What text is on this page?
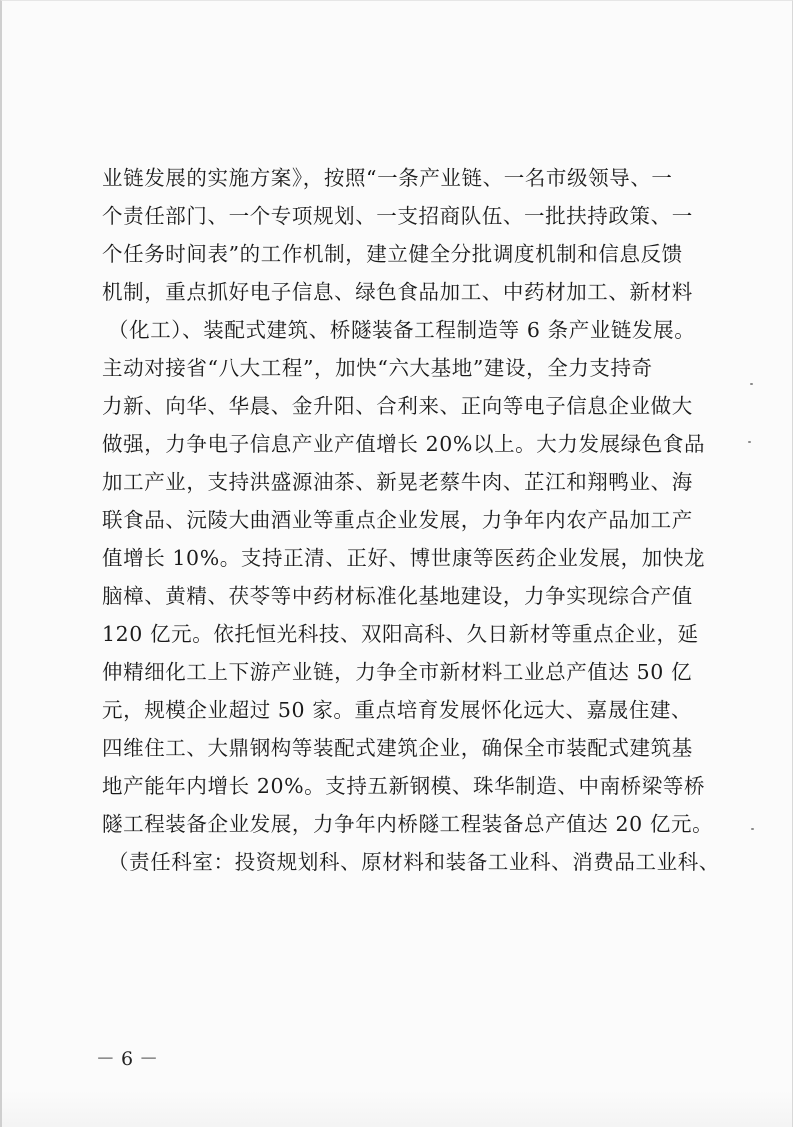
业链发展的实施方案》，按照“一条产业链、一名市级领导、一
个责任部门、一个专项规划、一支招商队伍、一批扶持政策、一
个任务时间表”的工作机制，建立健全分批调度机制和信息反馈
机制，重点抓好电子信息、绿色食品加工、中药材加工、新材料
（化工）、装配式建筑、桥隧装备工程制造等 6 条产业链发展。
主动对接省“八大工程”，加快“六大基地”建设，全力支持奇
力新、向华、华晨、金升阳、合利来、正向等电子信息企业做大
做强，力争电子信息产业产值增长 20%以上。大力发展绿色食品
加工产业，支持洪盛源油茶、新晃老蔡牛肉、芷江和翔鸭业、海
联食品、沅陵大曲酒业等重点企业发展，力争年内农产品加工产
值增长 10%。支持正清、正好、博世康等医药企业发展，加快龙
脑樟、黄精、茯苓等中药材标准化基地建设，力争实现综合产值
120 亿元。依托恒光科技、双阳高科、久日新材等重点企业，延
伸精细化工上下游产业链，力争全市新材料工业总产值达 50 亿
元，规模企业超过 50 家。重点培育发展怀化远大、嘉晟住建、
四维住工、大鼎钢构等装配式建筑企业，确保全市装配式建筑基
地产能年内增长 20%。支持五新钢模、珠华制造、中南桥梁等桥
隧工程装备企业发展，力争年内桥隧工程装备总产值达 20 亿元。
（责任科室：投资规划科、原材料和装备工业科、消费品工业科、
－ 6 －
